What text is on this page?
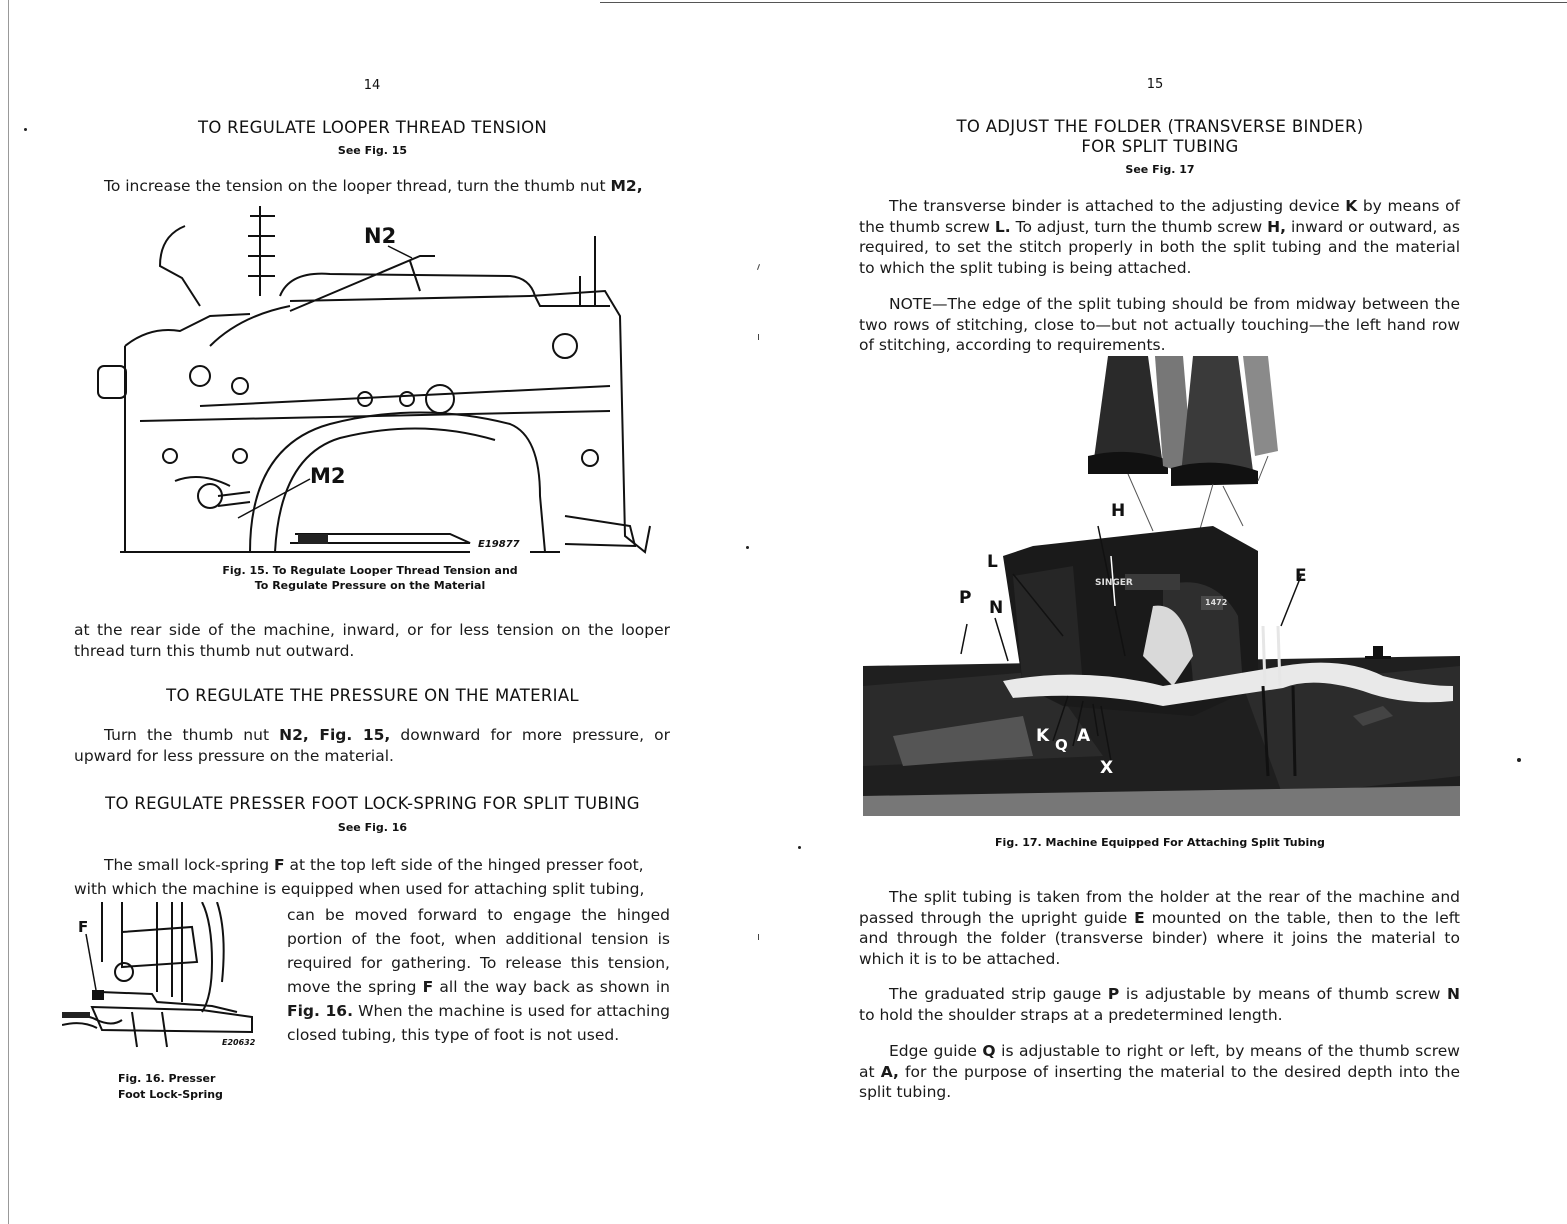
14
TO REGULATE LOOPER THREAD TENSION
See Fig. 15
To increase the tension on the looper thread, turn the thumb nut M2,
N2
M2
E19877
Fig. 15. To Regulate Looper Thread Tension and
To Regulate Pressure on the Material
at the rear side of the machine, inward, or for less tension on the looper thread turn this thumb nut outward.
TO REGULATE THE PRESSURE ON THE MATERIAL
Turn the thumb nut N2, Fig. 15, downward for more pressure, or upward for less pressure on the material.
TO REGULATE PRESSER FOOT LOCK-SPRING FOR SPLIT TUBING
See Fig. 16
The small lock-spring F at the top left side of the hinged presser foot,
with which the machine is equipped when used for attaching split tubing,
F
E20632
can be moved forward to engage the hinged portion of the foot, when additional tension is required for gathering. To release this tension, move the spring F all the way back as shown in Fig. 16. When the machine is used for attaching closed tubing, this type of foot is not used.
Fig. 16. Presser
Foot Lock-Spring
15
TO ADJUST THE FOLDER (TRANSVERSE BINDER)
FOR SPLIT TUBING
See Fig. 17
The transverse binder is attached to the adjusting device K by means of the thumb screw L. To adjust, turn the thumb screw H, inward or outward, as required, to set the stitch properly in both the split tubing and the material to which the split tubing is being attached.
NOTE—The edge of the split tubing should be from midway between the two rows of stitching, close to—but not actually touching—the left hand row of stitching, according to requirements.
H
L
P N
E
K Q A
X
SINGER
1472
Fig. 17. Machine Equipped For Attaching Split Tubing
The split tubing is taken from the holder at the rear of the machine and passed through the upright guide E mounted on the table, then to the left and through the folder (transverse binder) where it joins the material to which it is to be attached.
The graduated strip gauge P is adjustable by means of thumb screw N to hold the shoulder straps at a predetermined length.
Edge guide Q is adjustable to right or left, by means of the thumb screw at A, for the purpose of inserting the material to the desired depth into the split tubing.
